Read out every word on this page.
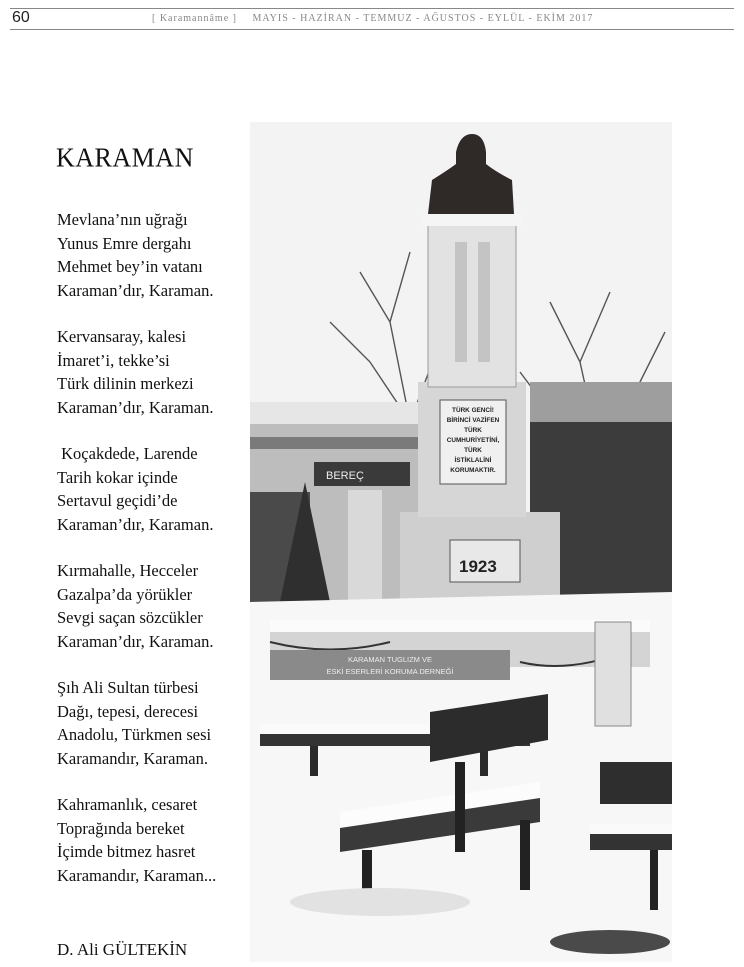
60	[ Karamannâme ] MAYIS - HAZİRAN - TEMMUZ - AĞUSTOS - EYLÜL - EKİM 2017
KARAMAN
Mevlana’nın uğrağı
Yunus Emre dergahı
Mehmet bey’in vatanı
Karaman’dır, Karaman.
Kervansaray, kalesi
İmaret’i, tekke’si
Türk dilinin merkezi
Karaman’dır, Karaman.
Koçakdede, Larende
Tarih kokar içinde
Sertavul geçidi’de
Karaman’dır, Karaman.
Kırmahalle, Hecceler
Gazalpa’da yörükler
Sevgi saçan sözcükler
Karaman’dır, Karaman.
Şıh Ali Sultan türbesi
Dağı, tepesi, derecesi
Anadolu, Türkmen sesi
Karamandır, Karaman.
Kahramanlık, cesaret
Toprağında bereket
İçimde bitmez hasret
Karamandır, Karaman...
D. Ali GÜLTEKİN
BEREÇ
1923
TÜRK GENCİ!
BİRİNCİ VAZİFEN
TÜRK
CUMHURİYETİNİ,
TÜRK
İSTİKLALİNİ
KORUMAKTIR.
KARAMAN TUGLIZM VE
ESKİ ESERLERİ KORUMA DERNEĞİ
